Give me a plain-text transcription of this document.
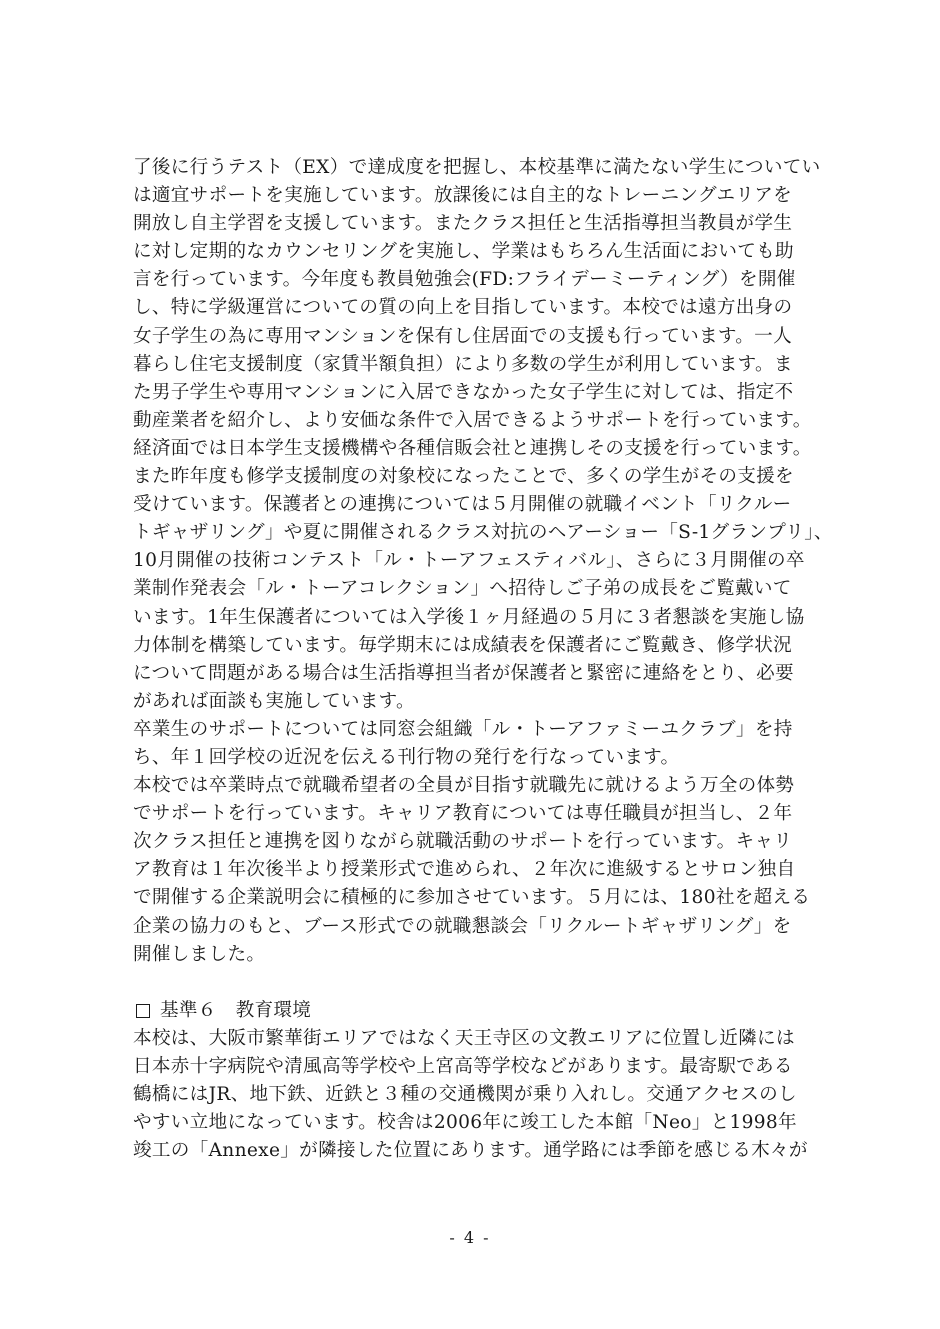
了後に行うテスト（EX）で達成度を把握し、本校基準に満たない学生についてい
は適宜サポートを実施しています。放課後には自主的なトレーニングエリアを
開放し自主学習を支援しています。またクラス担任と生活指導担当教員が学生
に対し定期的なカウンセリングを実施し、学業はもちろん生活面においても助
言を行っています。今年度も教員勉強会(FD:フライデーミーティング）を開催
し、特に学級運営についての質の向上を目指しています。本校では遠方出身の
女子学生の為に専用マンションを保有し住居面での支援も行っています。一人
暮らし住宅支援制度（家賃半額負担）により多数の学生が利用しています。ま
た男子学生や専用マンションに入居できなかった女子学生に対しては、指定不
動産業者を紹介し、より安価な条件で入居できるようサポートを行っています。
経済面では日本学生支援機構や各種信販会社と連携しその支援を行っています。
また昨年度も修学支援制度の対象校になったことで、多くの学生がその支援を
受けています。保護者との連携については５月開催の就職イベント「リクルー
トギャザリング」や夏に開催されるクラス対抗のヘアーショー「S-1グランプリ」、
10月開催の技術コンテスト「ル・トーアフェスティバル」、さらに３月開催の卒
業制作発表会「ル・トーアコレクション」へ招待しご子弟の成長をご覧戴いて
います。1年生保護者については入学後１ヶ月経過の５月に３者懇談を実施し協
力体制を構築しています。毎学期末には成績表を保護者にご覧戴き、修学状況
について問題がある場合は生活指導担当者が保護者と緊密に連絡をとり、必要
があれば面談も実施しています。
卒業生のサポートについては同窓会組織「ル・トーアファミーユクラブ」を持
ち、年１回学校の近況を伝える刊行物の発行を行なっています。
本校では卒業時点で就職希望者の全員が目指す就職先に就けるよう万全の体勢
でサポートを行っています。キャリア教育については専任職員が担当し、２年
次クラス担任と連携を図りながら就職活動のサポートを行っています。キャリ
ア教育は１年次後半より授業形式で進められ、２年次に進級するとサロン独自
で開催する企業説明会に積極的に参加させています。５月には、180社を超える
企業の協力のもと、ブース形式での就職懇談会「リクルートギャザリング」を
開催しました。
基準６　教育環境
本校は、大阪市繁華街エリアではなく天王寺区の文教エリアに位置し近隣には
日本赤十字病院や清風高等学校や上宮高等学校などがあります。最寄駅である
鶴橋にはJR、地下鉄、近鉄と３種の交通機関が乗り入れし。交通アクセスのし
やすい立地になっています。校舎は2006年に竣工した本館「Neo」と1998年
竣工の「Annexe」が隣接した位置にあります。通学路には季節を感じる木々が
- 4 -
